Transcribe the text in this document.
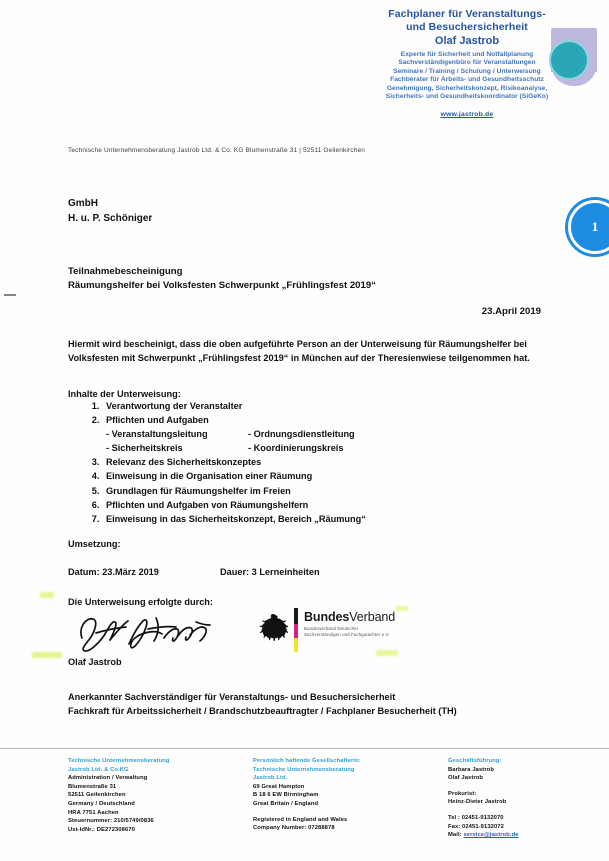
Fachplaner für Veranstaltungs-
und Besuchersicherheit
Olaf Jastrob
Experte für Sicherheit und Notfallplanung
Sachverständigenbüro für Veranstaltungen
Seminare / Training / Schulung / Unterweisung
Fachberater für Arbeits- und Gesundheitsschutz
Genehmigung, Sicherheitskonzept, Risikoanalyse,
Sicherheits- und Gesundheitskoordinator (SiGeKo)
www.jastrob.de
1
Technische Unternehmensberatung Jastrob Ltd. & Co. KG Blumenstraße 31 | 52511 Geilenkirchen
GmbH
H. u. P. Schöniger
Teilnahmebescheinigung
Räumungshelfer bei Volksfesten Schwerpunkt „Frühlingsfest 2019“
23.April 2019
Hiermit wird bescheinigt, dass die oben aufgeführte Person an der Unterweisung für Räumungshelfer bei Volksfesten mit Schwerpunkt „Frühlingsfest 2019“ in München auf der Theresienwiese teilgenommen hat.
Inhalte der Unterweisung:
1. Verantwortung der Veranstalter
2. Pflichten und Aufgaben
- Veranstaltungsleitung	- Ordnungsdienstleitung
- Sicherheitskreis	- Koordinierungskreis
3. Relevanz des Sicherheitskonzeptes
4. Einweisung in die Organisation einer Räumung
5. Grundlagen für Räumungshelfer im Freien
6. Pflichten und Aufgaben von Räumungshelfern
7. Einweisung in das Sicherheitskonzept, Bereich „Räumung“
Umsetzung:
Datum: 23.März 2019	Dauer: 3 Lerneinheiten
Die Unterweisung erfolgte durch:
Olaf Jastrob
BundesVerband
Bundesverband Deutscher
Sachverständigen und Fachgutachter e.V.
Anerkannter Sachverständiger für Veranstaltungs- und Besuchersicherheit
Fachkraft für Arbeitssicherheit / Brandschutzbeauftragter / Fachplaner Besucherheit (TH)
Technische Unternehmensberatung
Jastrob Ltd. & Co.KG
Administration / Verwaltung
Blumenstraße 31
52511 Geilenkirchen
Germany / Deutschland
HRA 7751 Aachen
Steuernummer: 210/5749/0836
Ust-IdNr.: DE272308670
Persönlich haftende Gesellschafterin:
Technische Unternehmensberatung
Jastrob Ltd.
69 Great Hampton
B 18 6 EW Birmingham
Great Britain / England
Registered in England and Wales
Company Number: 07288878
Geschäftsführung:
Barbara Jastrob
Olaf Jastrob
Prokurist:
Heinz-Dieter Jastrob
Tel : 02451-9132070
Fax: 02451-9132072
Mail: service@jastrob.de
